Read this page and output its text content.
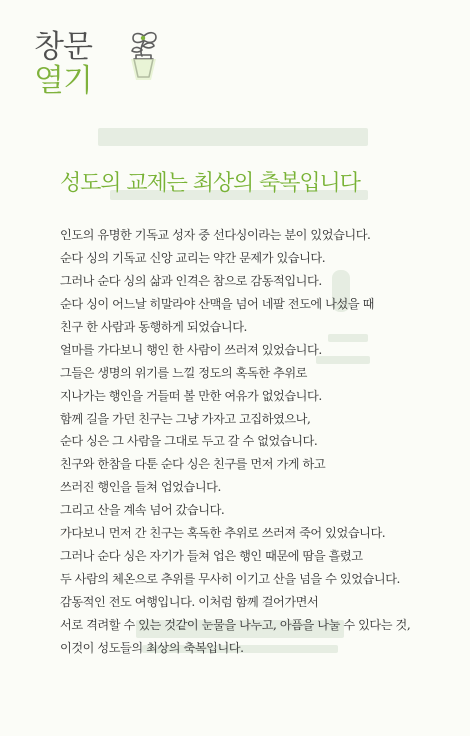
창문
열기
성도의 교제는 최상의 축복입니다
인도의 유명한 기독교 성자 중 선다싱이라는 분이 있었습니다.
순다 싱의 기독교 신앙 교리는 약간 문제가 있습니다.
그러나 순다 싱의 삶과 인격은 참으로 감동적입니다.
순다 싱이 어느날 히말라야 산맥을 넘어 네팔 전도에 나섰을 때
친구 한 사람과 동행하게 되었습니다.
얼마를 가다보니 행인 한 사람이 쓰러져 있었습니다.
그들은 생명의 위기를 느낄 정도의 혹독한 추위로
지나가는 행인을 거들떠 볼 만한 여유가 없었습니다.
함께 길을 가던 친구는 그냥 가자고 고집하였으나,
순다 싱은 그 사람을 그대로 두고 갈 수 없었습니다.
친구와 한참을 다툰 순다 싱은 친구를 먼저 가게 하고
쓰러진 행인을 들쳐 업었습니다.
그리고 산을 계속 넘어 갔습니다.
가다보니 먼저 간 친구는 혹독한 추위로 쓰러져 죽어 있었습니다.
그러나 순다 싱은 자기가 들쳐 업은 행인 때문에 땀을 흘렸고
두 사람의 체온으로 추위를 무사히 이기고 산을 넘을 수 있었습니다.
감동적인 전도 여행입니다. 이처럼 함께 걸어가면서
서로 격려할 수 있는 것같이 눈물을 나누고, 아픔을 나눌 수 있다는 것,
이것이 성도들의 최상의 축복입니다.
